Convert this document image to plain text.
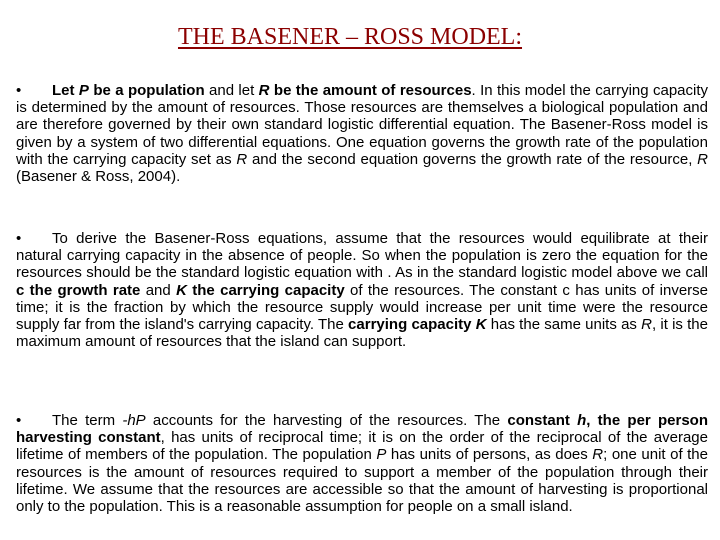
THE BASENER – ROSS MODEL:

• Let P be a population and let R be the amount of resources. In this model the carrying capacity is determined by the amount of resources. Those resources are themselves a biological population and are therefore governed by their own standard logistic differential equation. The Basener-Ross model is given by a system of two differential equations. One equation governs the growth rate of the population with the carrying capacity set as R and the second equation governs the growth rate of the resource, R (Basener & Ross, 2004).

• To derive the Basener-Ross equations, assume that the resources would equilibrate at their natural carrying capacity in the absence of people. So when the population is zero the equation for the resources should be the standard logistic equation with . As in the standard logistic model above we call c the growth rate and K the carrying capacity of the resources. The constant c has units of inverse time; it is the fraction by which the resource supply would increase per unit time were the resource supply far from the island's carrying capacity. The carrying capacity K has the same units as R, it is the maximum amount of resources that the island can support.

• The term -hP accounts for the harvesting of the resources. The constant h, the per person harvesting constant, has units of reciprocal time; it is on the order of the reciprocal of the average lifetime of members of the population. The population P has units of persons, as does R; one unit of the resources is the amount of resources required to support a member of the population through their lifetime. We assume that the resources are accessible so that the amount of harvesting is proportional only to the population. This is a reasonable assumption for people on a small island.
